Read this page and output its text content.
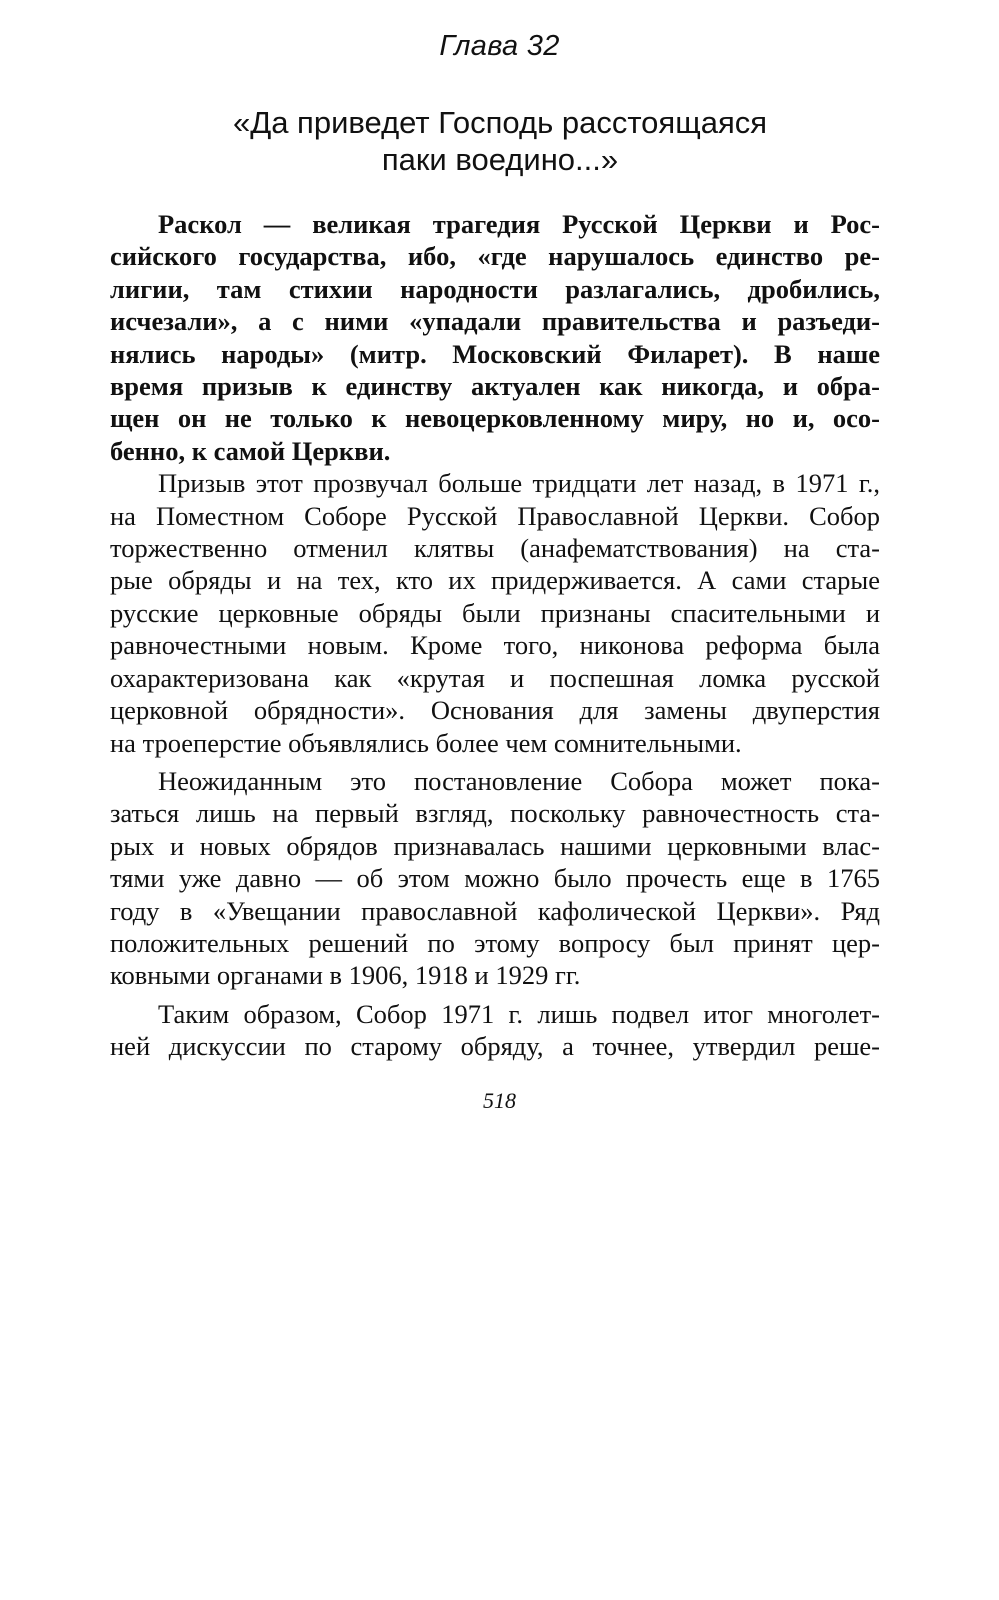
Глава 32
«Да приведет Господь расстоящаяся
паки воедино...»
Раскол — великая трагедия Русской Церкви и Рос-
сийского государства, ибо, «где нарушалось единство ре-
лигии, там стихии народности разлагались, дробились,
исчезали», а с ними «упадали правительства и разъеди-
нялись народы» (митр. Московский Филарет). В наше
время призыв к единству актуален как никогда, и обра-
щен он не только к невоцерковленному миру, но и, осо-
бенно, к самой Церкви.
Призыв этот прозвучал больше тридцати лет назад, в 1971 г.,
на Поместном Соборе Русской Православной Церкви. Собор
торжественно отменил клятвы (анафематствования) на ста-
рые обряды и на тех, кто их придерживается. А сами старые
русские церковные обряды были признаны спасительными и
равночестными новым. Кроме того, никонова реформа была
охарактеризована как «крутая и поспешная ломка русской
церковной обрядности». Основания для замены двуперстия
на троеперстие объявлялись более чем сомнительными.
Неожиданным это постановление Собора может пока-
заться лишь на первый взгляд, поскольку равночестность ста-
рых и новых обрядов признавалась нашими церковными влас-
тями уже давно — об этом можно было прочесть еще в 1765
году в «Увещании православной кафолической Церкви». Ряд
положительных решений по этому вопросу был принят цер-
ковными органами в 1906, 1918 и 1929 гг.
Таким образом, Собор 1971 г. лишь подвел итог многолет-
ней дискуссии по старому обряду, а точнее, утвердил реше-
518
